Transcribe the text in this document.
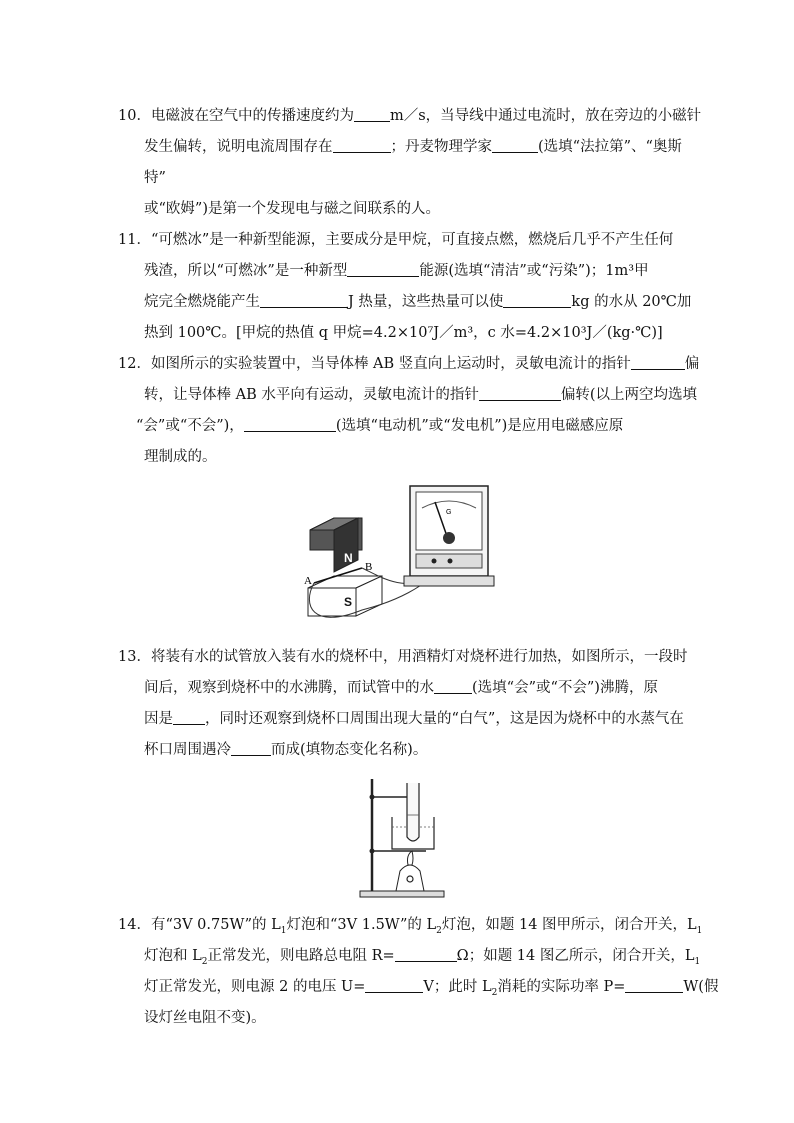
10．电磁波在空气中的传播速度约为 m／s，当导线中通过电流时，放在旁边的小磁针
发生偏转，说明电流周围存在	；丹麦物理学家	(选填“法拉第”、“奥斯
特”
或“欧姆”)是第一个发现电与磁之间联系的人。
11．“可燃冰”是一种新型能源，主要成分是甲烷，可直接点燃，燃烧后几乎不产生任何
残渣，所以“可燃冰”是一种新型	能源(选填“清洁”或“污染”)；1m³甲
烷完全燃烧能产生	J 热量，这些热量可以使	kg 的水从 20℃加
热到 100℃。[甲烷的热值 q 甲烷=4.2×10⁷J／m³，c 水=4.2×10³J／(kg·℃)]
12．如图所示的实验装置中，当导体棒 AB 竖直向上运动时，灵敏电流计的指针	偏
转，让导体棒 AB 水平向有运动，灵敏电流计的指针	偏转(以上两空均选填
“会”或“不会”)，	(选填“电动机”或“发电机”)是应用电磁感应原
理制成的。
N
S
A
B
G
13．将装有水的试管放入装有水的烧杯中，用酒精灯对烧杯进行加热，如图所示，一段时
间后，观察到烧杯中的水沸腾，而试管中的水	(选填“会”或“不会”)沸腾，原
因是 ，同时还观察到烧杯口周围出现大量的“白气”，这是因为烧杯中的水蒸气在
杯口周围遇冷	而成(填物态变化名称)。
14．有“3V 0.75W”的 $L_1$灯泡和“3V 1.5W”的 $L_2$灯泡，如题 14 图甲所示，闭合开关，$L_1$
灯泡和 $L_2$正常发光，则电路总电阻 R=	Ω；如题 14 图乙所示，闭合开关，$L_1$
灯正常发光，则电源 2 的电压 U=	V；此时 $L_2$消耗的实际功率 P=	W(假
设灯丝电阻不变)。
